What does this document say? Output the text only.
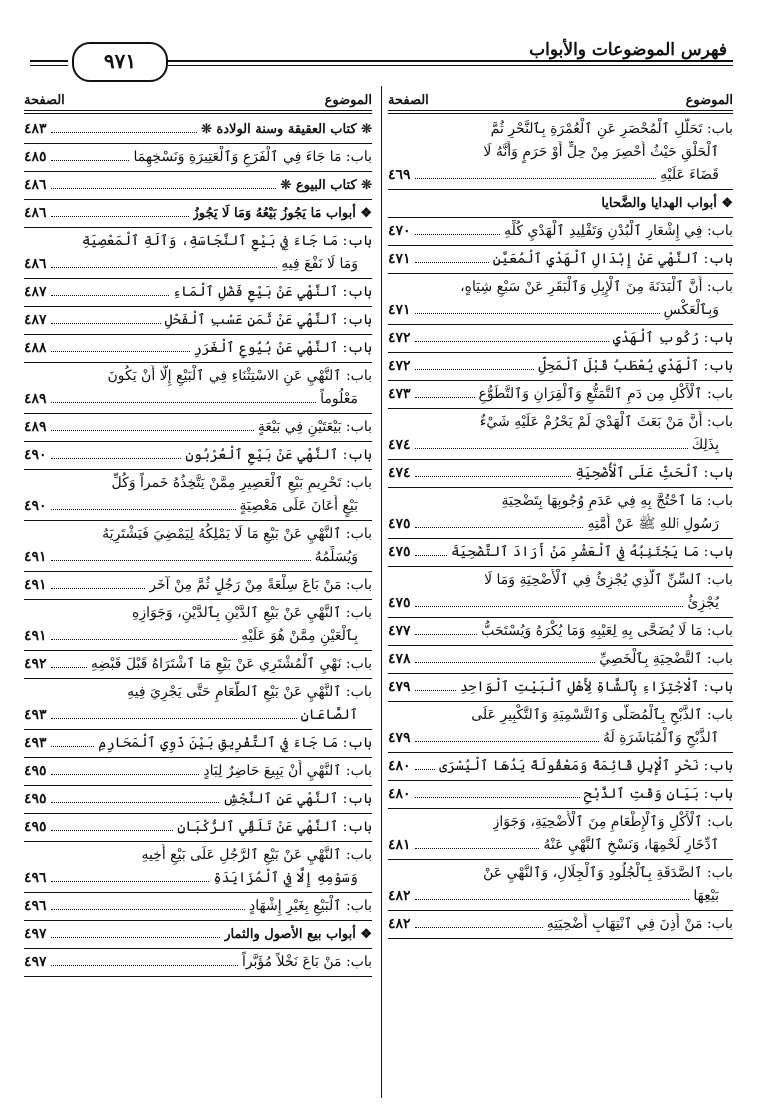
فهرس الموضوعات والأبواب
٩٧١
الموضوع
الصفحة
باب: تَحَلُّلِ ٱلْمُحْصَرِ عَنِ ٱلْعُمْرَةِ بِٱلنَّحْرِ ثُمَّ
ٱلْحَلْقِ حَيْثُ أُحْصِرَ مِنْ حِلٍّ أَوْ حَرَمٍ وَأَنَّهُ لَا
قَضَاءَ عَلَيْهِ
٤٦٩
❖ أبواب الهدايا والضَّحايا
باب: فِي إِشْعَارِ ٱلْبُدْنِ وَتَقْلِيدِ ٱلْهَدْيِ كُلِّهِ
٤٧٠
باب: ٱلنَّهْيِ عَنْ إِبْدَالِ ٱلْهَدْيِ ٱلْمُعَيَّنِ
٤٧١
باب: أَنَّ ٱلْبَدَنَةَ مِنَ ٱلْإِبِلِ وَٱلْبَقَرِ عَنْ سَبْعِ شِيَاهٍ،
وَبِٱلْعَكْسِ
٤٧١
باب: رُكُوبِ ٱلْهَدْيِ
٤٧٢
باب: ٱلْهَدْيِ يُعْطَبُ قَبْلَ ٱلْمَحِلِّ
٤٧٢
باب: ٱلْأَكْلِ مِن دَمِ ٱلتَّمَتُّعِ وَٱلْقِرَانِ وَٱلتَّطَوُّعِ
٤٧٣
باب: أَنَّ مَنْ بَعَثَ ٱلْهَدْيَ لَمْ يَحْرُمْ عَلَيْهِ شَيْءٌ
بِذَلِكَ
٤٧٤
باب: ٱلْحَثِّ عَلَى ٱلْأُضْحِيَةِ
٤٧٤
باب: مَا ٱحْتُجَّ بِهِ فِي عَدَمِ وُجُوبِهَا بِتَضْحِيَةِ
رَسُولِ ٱللهِ ﷺ عَنْ أُمَّتِهِ
٤٧٥
باب: مَا يَجْتَنِبُهُ فِي ٱلْعَشْرِ مَنْ أَرَادَ ٱلتَّضْحِيَةَ
٤٧٥
باب: ٱلسِّنِّ ٱلَّذِي يُجْزِئُ فِي ٱلْأُضْحِيَةِ وَمَا لَا
يُجْزِئُ
٤٧٥
باب: مَا لَا يُضَحَّى بِهِ لِعَيْبِهِ وَمَا يُكْرَهُ وَيُسْتَحَبُّ
٤٧٧
باب: ٱلتَّضْحِيَةِ بِٱلْخَصِيِّ
٤٧٨
باب: ٱلْاجْتِزَاءِ بِٱلشَّاةِ لِأَهْلِ ٱلْبَيْتِ ٱلْوَاحِدِ
٤٧٩
باب: ٱلذَّبْحِ بِٱلْمُصَلَّى وَٱلتَّسْمِيَةِ وَٱلتَّكْبِيرِ عَلَى
ٱلذَّبْحِ وَٱلْمُبَاشَرَةِ لَهُ
٤٧٩
باب: نَحْرِ ٱلْإِبِلِ قَائِمَةً وَمَعْقُولَةً يَدُهَا ٱلْيُسْرَى
٤٨٠
باب: بَيَانِ وَقْتِ ٱلذَّبْحِ
٤٨٠
باب: ٱلْأَكْلِ وَٱلْإِطْعَامِ مِنَ ٱلْأُضْحِيَةِ، وَجَوَازِ
ٱدِّخَارِ لَحْمِهَا، وَنَسْخِ ٱلنَّهْيِ عَنْهُ
٤٨١
باب: ٱلصَّدَقَةِ بِٱلْجُلُودِ وَٱلْجِلَالِ، وَٱلنَّهْيِ عَنْ
بَيْعِهَا
٤٨٢
باب: مَنْ أَذِنَ فِي ٱنْتِهَابِ أُضْحِيَتِهِ
٤٨٢
الموضوع
الصفحة
❊ كتاب العقيقة وسنة الولادة ❊
٤٨٣
باب: مَا جَاءَ فِي ٱلْفَرَعِ وَٱلْعَتِيرَةِ وَنَسْخِهِمَا
٤٨٥
❊ كتاب البيوع ❊
٤٨٦
❖ أبواب مَا يَجُوزُ بَيْعُهُ وَمَا لَا يَجُوزُ
٤٨٦
باب: مَا جَاءَ فِي بَيْعِ ٱلنَّجَاسَةِ، وَٱلَةِ ٱلْمَعْصِيَةِ
وَمَا لَا نَفْعَ فِيهِ
٤٨٦
باب: ٱلنَّهْيِ عَنْ بَيْعِ فَضْلِ ٱلْمَاءِ
٤٨٧
باب: ٱلنَّهْيِ عَنْ ثَمَنِ عَسْبِ ٱلْفَحْلِ
٤٨٧
باب: ٱلنَّهْيِ عَنْ بُيُوعِ ٱلْغَرَرِ
٤٨٨
باب: ٱلنَّهْيِ عَنِ الاسْتِثْنَاءِ فِي ٱلْبَيْعِ إِلَّا أَنْ يَكُونَ
مَعْلُوماً
٤٨٩
باب: بَيْعَتَيْنِ فِي بَيْعَةٍ
٤٨٩
باب: ٱلنَّهْيِ عَنْ بَيْعِ ٱلْعُرْبُونِ
٤٩٠
باب: تَحْرِيمِ بَيْعِ ٱلْعَصِيرِ مِمَّنْ يَتَّخِذُهُ خَمراً وَكُلِّ
بَيْعٍ أَعَانَ عَلَى مَعْصِيَةٍ
٤٩٠
باب: ٱلنَّهْيِ عَنْ بَيْعِ مَا لَا يَمْلِكُهُ لِيَمْضِيَ فَيَشْتَرِيَهُ
وَيُسَلِّمُهُ
٤٩١
باب: مَنْ بَاعَ سِلْعَةً مِنْ رَجُلٍ ثُمَّ مِنْ آخَر
٤٩١
باب: ٱلنَّهْيِ عَنْ بَيْعِ ٱلدَّيْنِ بِٱلدَّيْنِ، وَجَوَازِهِ
بِٱلْعَيْنِ مِمَّنْ هُوَ عَلَيْهِ
٤٩١
باب: نَهْيِ ٱلْمُشْتَرِي عَنْ بَيْعِ مَا ٱشْتَرَاهُ قَبْلَ قَبْضِهِ
٤٩٢
باب: ٱلنَّهْيِ عَنْ بَيْعِ ٱلطَّعَامِ حَتَّى يَجْرِيَ فِيهِ
ٱلصَّاعَانِ
٤٩٣
باب: مَا جَاءَ فِي ٱلتَّفْرِيقِ بَيْنَ ذَوِي ٱلْمَحَارِمِ
٤٩٣
باب: ٱلنَّهْيِ أَنْ يَبِيعَ حَاضِرٌ لِبَادٍ
٤٩٥
باب: ٱلنَّهْيِ عَنِ ٱلنَّجْشِ
٤٩٥
باب: ٱلنَّهْيِ عَنْ تَلَقِّي ٱلرُّكْبَانِ
٤٩٥
باب: ٱلنَّهْيِ عَنْ بَيْعِ ٱلرَّجُلِ عَلَى بَيْعِ أَخِيهِ
وَسَوْمِهِ إِلَّا فِي ٱلْمُزَايَدَةِ
٤٩٦
باب: ٱلْبَيْعِ بِغَيْرِ إِشْهَادٍ
٤٩٦
❖ أبواب بيع الأصول والثمار
٤٩٧
باب: مَنْ بَاعَ نَخْلاً مُؤَبَّراً
٤٩٧
